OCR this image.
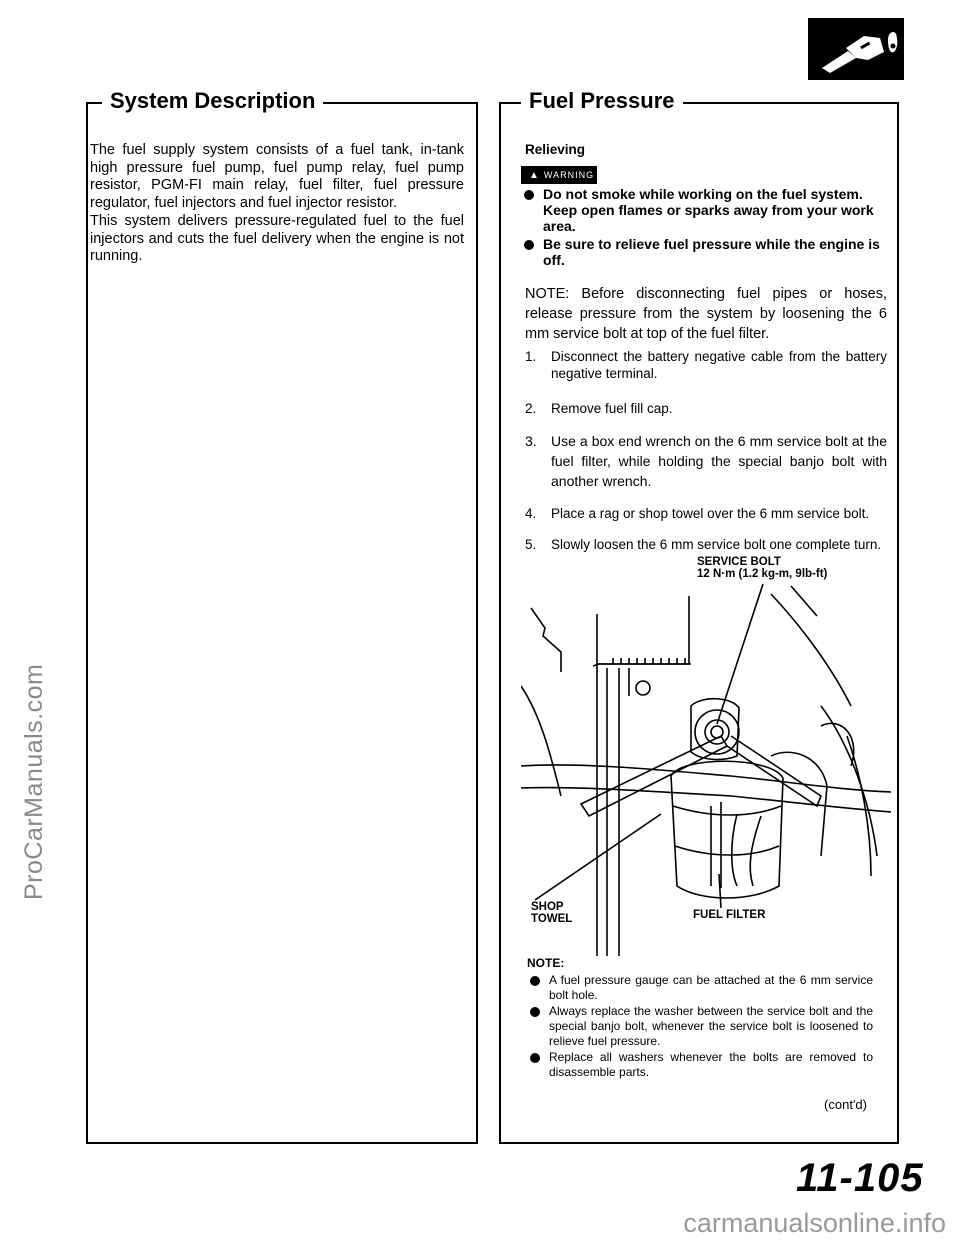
ProCarManuals.com
carmanualsonline.info
System Description
The fuel supply system consists of a fuel tank, in-tank high pressure fuel pump, fuel pump relay, fuel pump resistor, PGM-FI main relay, fuel filter, fuel pressure regulator, fuel injectors and fuel injector resistor.
This system delivers pressure-regulated fuel to the fuel injectors and cuts the fuel delivery when the engine is not running.
Fuel Pressure
Relieving
▲ WARNING
Do not smoke while working on the fuel system. Keep open flames or sparks away from your work area.
Be sure to relieve fuel pressure while the engine is off.
NOTE: Before disconnecting fuel pipes or hoses, release pressure from the system by loosening the 6 mm service bolt at top of the fuel filter.
1.	Disconnect the battery negative cable from the battery negative terminal.
2.	Remove fuel fill cap.
3.	Use a box end wrench on the 6 mm service bolt at the fuel filter, while holding the special banjo bolt with another wrench.
4.	Place a rag or shop towel over the 6 mm service bolt.
5.	Slowly loosen the 6 mm service bolt one complete turn.
SERVICE BOLT
12 N·m (1.2 kg-m, 9lb-ft)
SHOP
TOWEL	FUEL FILTER
NOTE:
A fuel pressure gauge can be attached at the 6 mm service bolt hole.
Always replace the washer between the service bolt and the special banjo bolt, whenever the service bolt is loosened to relieve fuel pressure.
Replace all washers whenever the bolts are removed to disassemble parts.
(cont'd)
11-105
